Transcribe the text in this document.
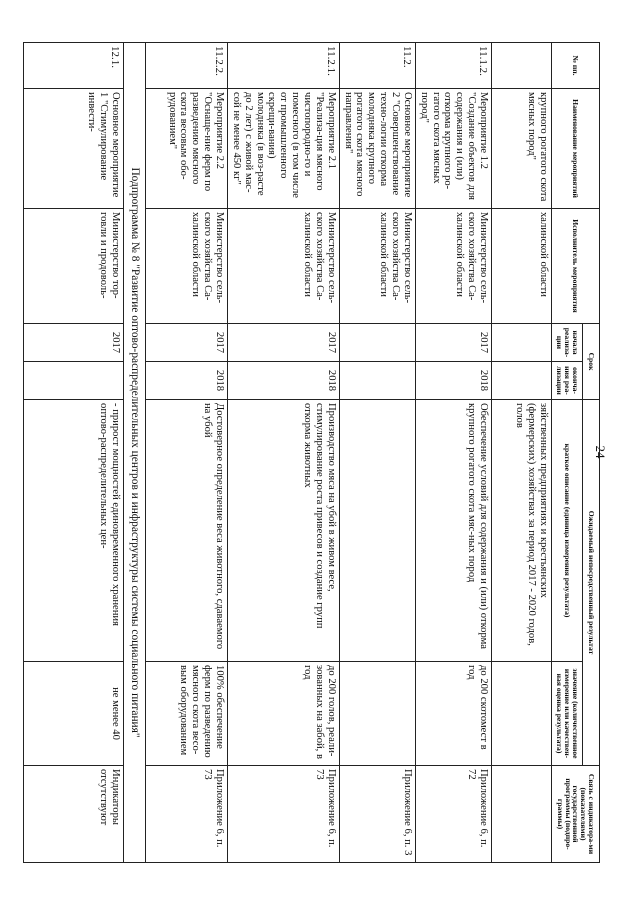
24
№ пп.	Наименование мероприятий	Исполнитель мероприятия	Срок		Ожидаемый непосредственный результат		Связь с индикатора-ми (показателями) государственной программы (подпро-граммы)
			начала реализа-ции	оконча-ния реа-лизации	краткое описание (единица измерения результата)	значение (количественное измерение или качествен-ная оценка результата)	
	крупного рогатого скота мясных пород"	халинской области			зяйственных предприятиях и крестьянских (фермерских) хозяйствах за период 2017 - 2020 годов, голов		
11.1.2.	Мероприятие 1.2 "Создание объектов для содержания и (или) откорма крупного ро-гатого скота мясных пород"	Министерство сель-ского хозяйства Са-халинской области	2017	2018	Обеспечение условий для содержания и (или) откорма крупного рогатого скота мяс-ных пород	до 200 скотомест в год	Приложение 6, п. 72
11.2.	Основное мероприятие 2 "Совершенствование техно-логии откорма молодняка крупного рогатого скота мясного направления"	Министерство сель-ского хозяйства Са-халинской области					Приложение 6, п. 3
11.2.1.	Мероприятие 2.1 "Реализа-ция мясного чистопородно-го и помесного (в том числе от промышленного скрещи-вания) молодняка (в воз-расте до 2 лет) с живой мас-сой не менее 450 кг"	Министерство сель-ского хозяйства Са-халинской области	2017	2018	Производство мяса на убой в живом весе, стимулирование роста привесов и создание групп откорма животных	до 200 голов, реали-зованных на забой, в год	Приложение 6, п. 73
11.2.2.	Мероприятие 2.2 "Оснаще-ние ферм по разведению мясного скота весовым обо-рудованием"	Министерство сель-ского хозяйства Са-халинской области	2017	2018	Достоверное определение веса животного, сдаваемого на убой	100% обеспечение ферм по разведению мясного скота весо-вым оборудованием	Приложение 6, п. 73
Подпрограмма № 8 "Развитие оптово-распределительных центров и инфраструктуры системы социального питания"							
12.1.	Основное мероприятие 1 "Стимулирование инвести-	Министерство тор-говли и продоволь-	2017		- прирост мощностей единовременного хранения оптово-распределительных цен-	не менее 40	Индикаторы отсутствуют
